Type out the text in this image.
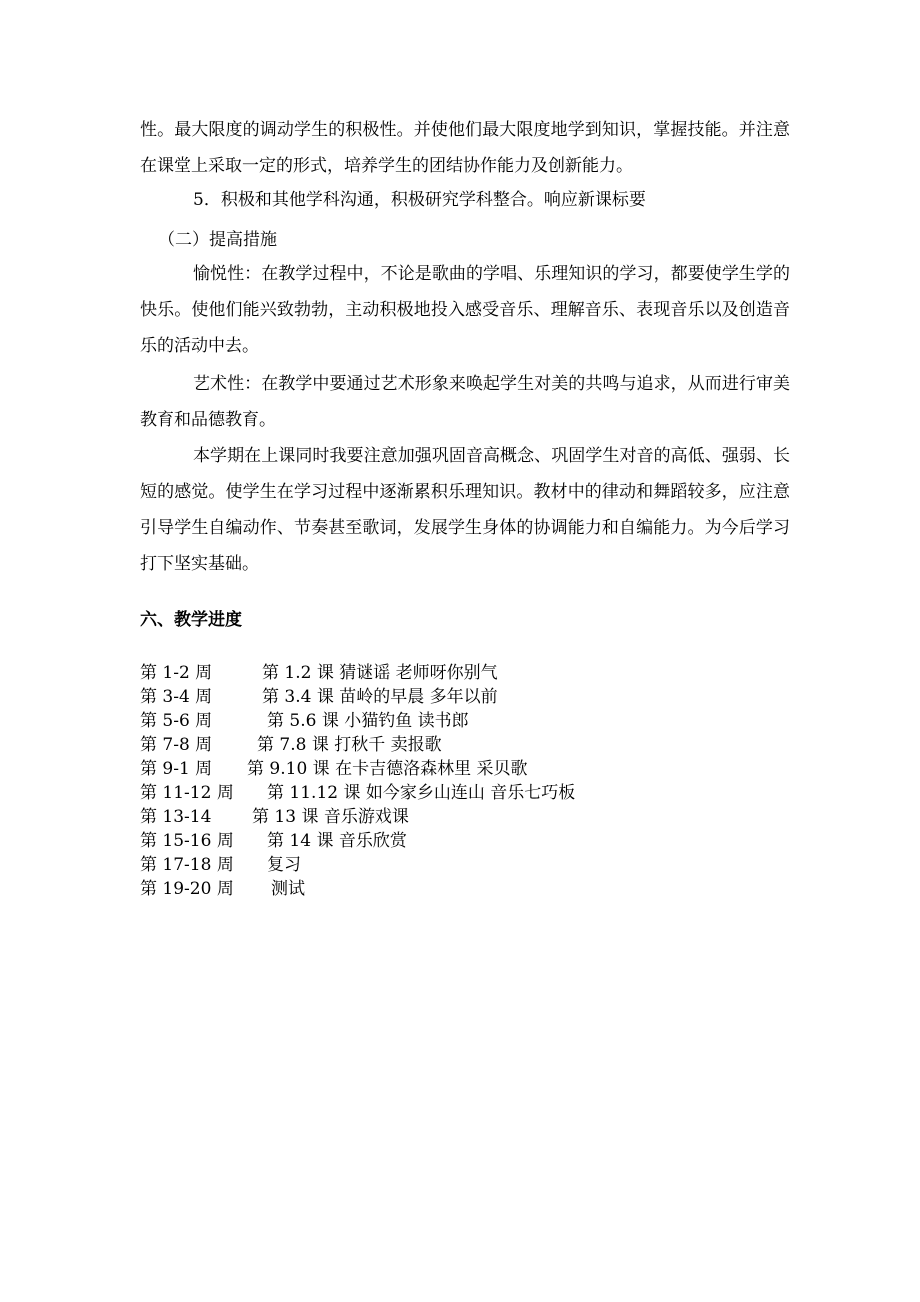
性。最大限度的调动学生的积极性。并使他们最大限度地学到知识，掌握技能。并注意在课堂上采取一定的形式，培养学生的团结协作能力及创新能力。

5．积极和其他学科沟通，积极研究学科整合。响应新课标要
（二）提高措施

愉悦性：在教学过程中，不论是歌曲的学唱、乐理知识的学习，都要使学生学的快乐。使他们能兴致勃勃，主动积极地投入感受音乐、理解音乐、表现音乐以及创造音乐的活动中去。

艺术性：在教学中要通过艺术形象来唤起学生对美的共鸣与追求，从而进行审美教育和品德教育。

本学期在上课同时我要注意加强巩固音高概念、巩固学生对音的高低、强弱、长短的感觉。使学生在学习过程中逐渐累积乐理知识。教材中的律动和舞蹈较多，应注意引导学生自编动作、节奏甚至歌词，发展学生身体的协调能力和自编能力。为今后学习打下坚实基础。

六、教学进度
第 1-2 周	第 1.2 课 猜谜谣 老师呀你别气
第 3-4 周	第 3.4 课 苗岭的早晨 多年以前
第 5-6 周	第 5.6 课 小猫钓鱼 读书郎
第 7-8 周	第 7.8 课 打秋千 卖报歌
第 9-1 周 第 9.10 课 在卡吉德洛森林里 采贝歌
第 11-12 周 第 11.12 课 如今家乡山连山 音乐七巧板
第 13-14 第 13 课 音乐游戏课
第 15-16 周 第 14 课 音乐欣赏
第 17-18 周 复习
第 19-20 周 测试
